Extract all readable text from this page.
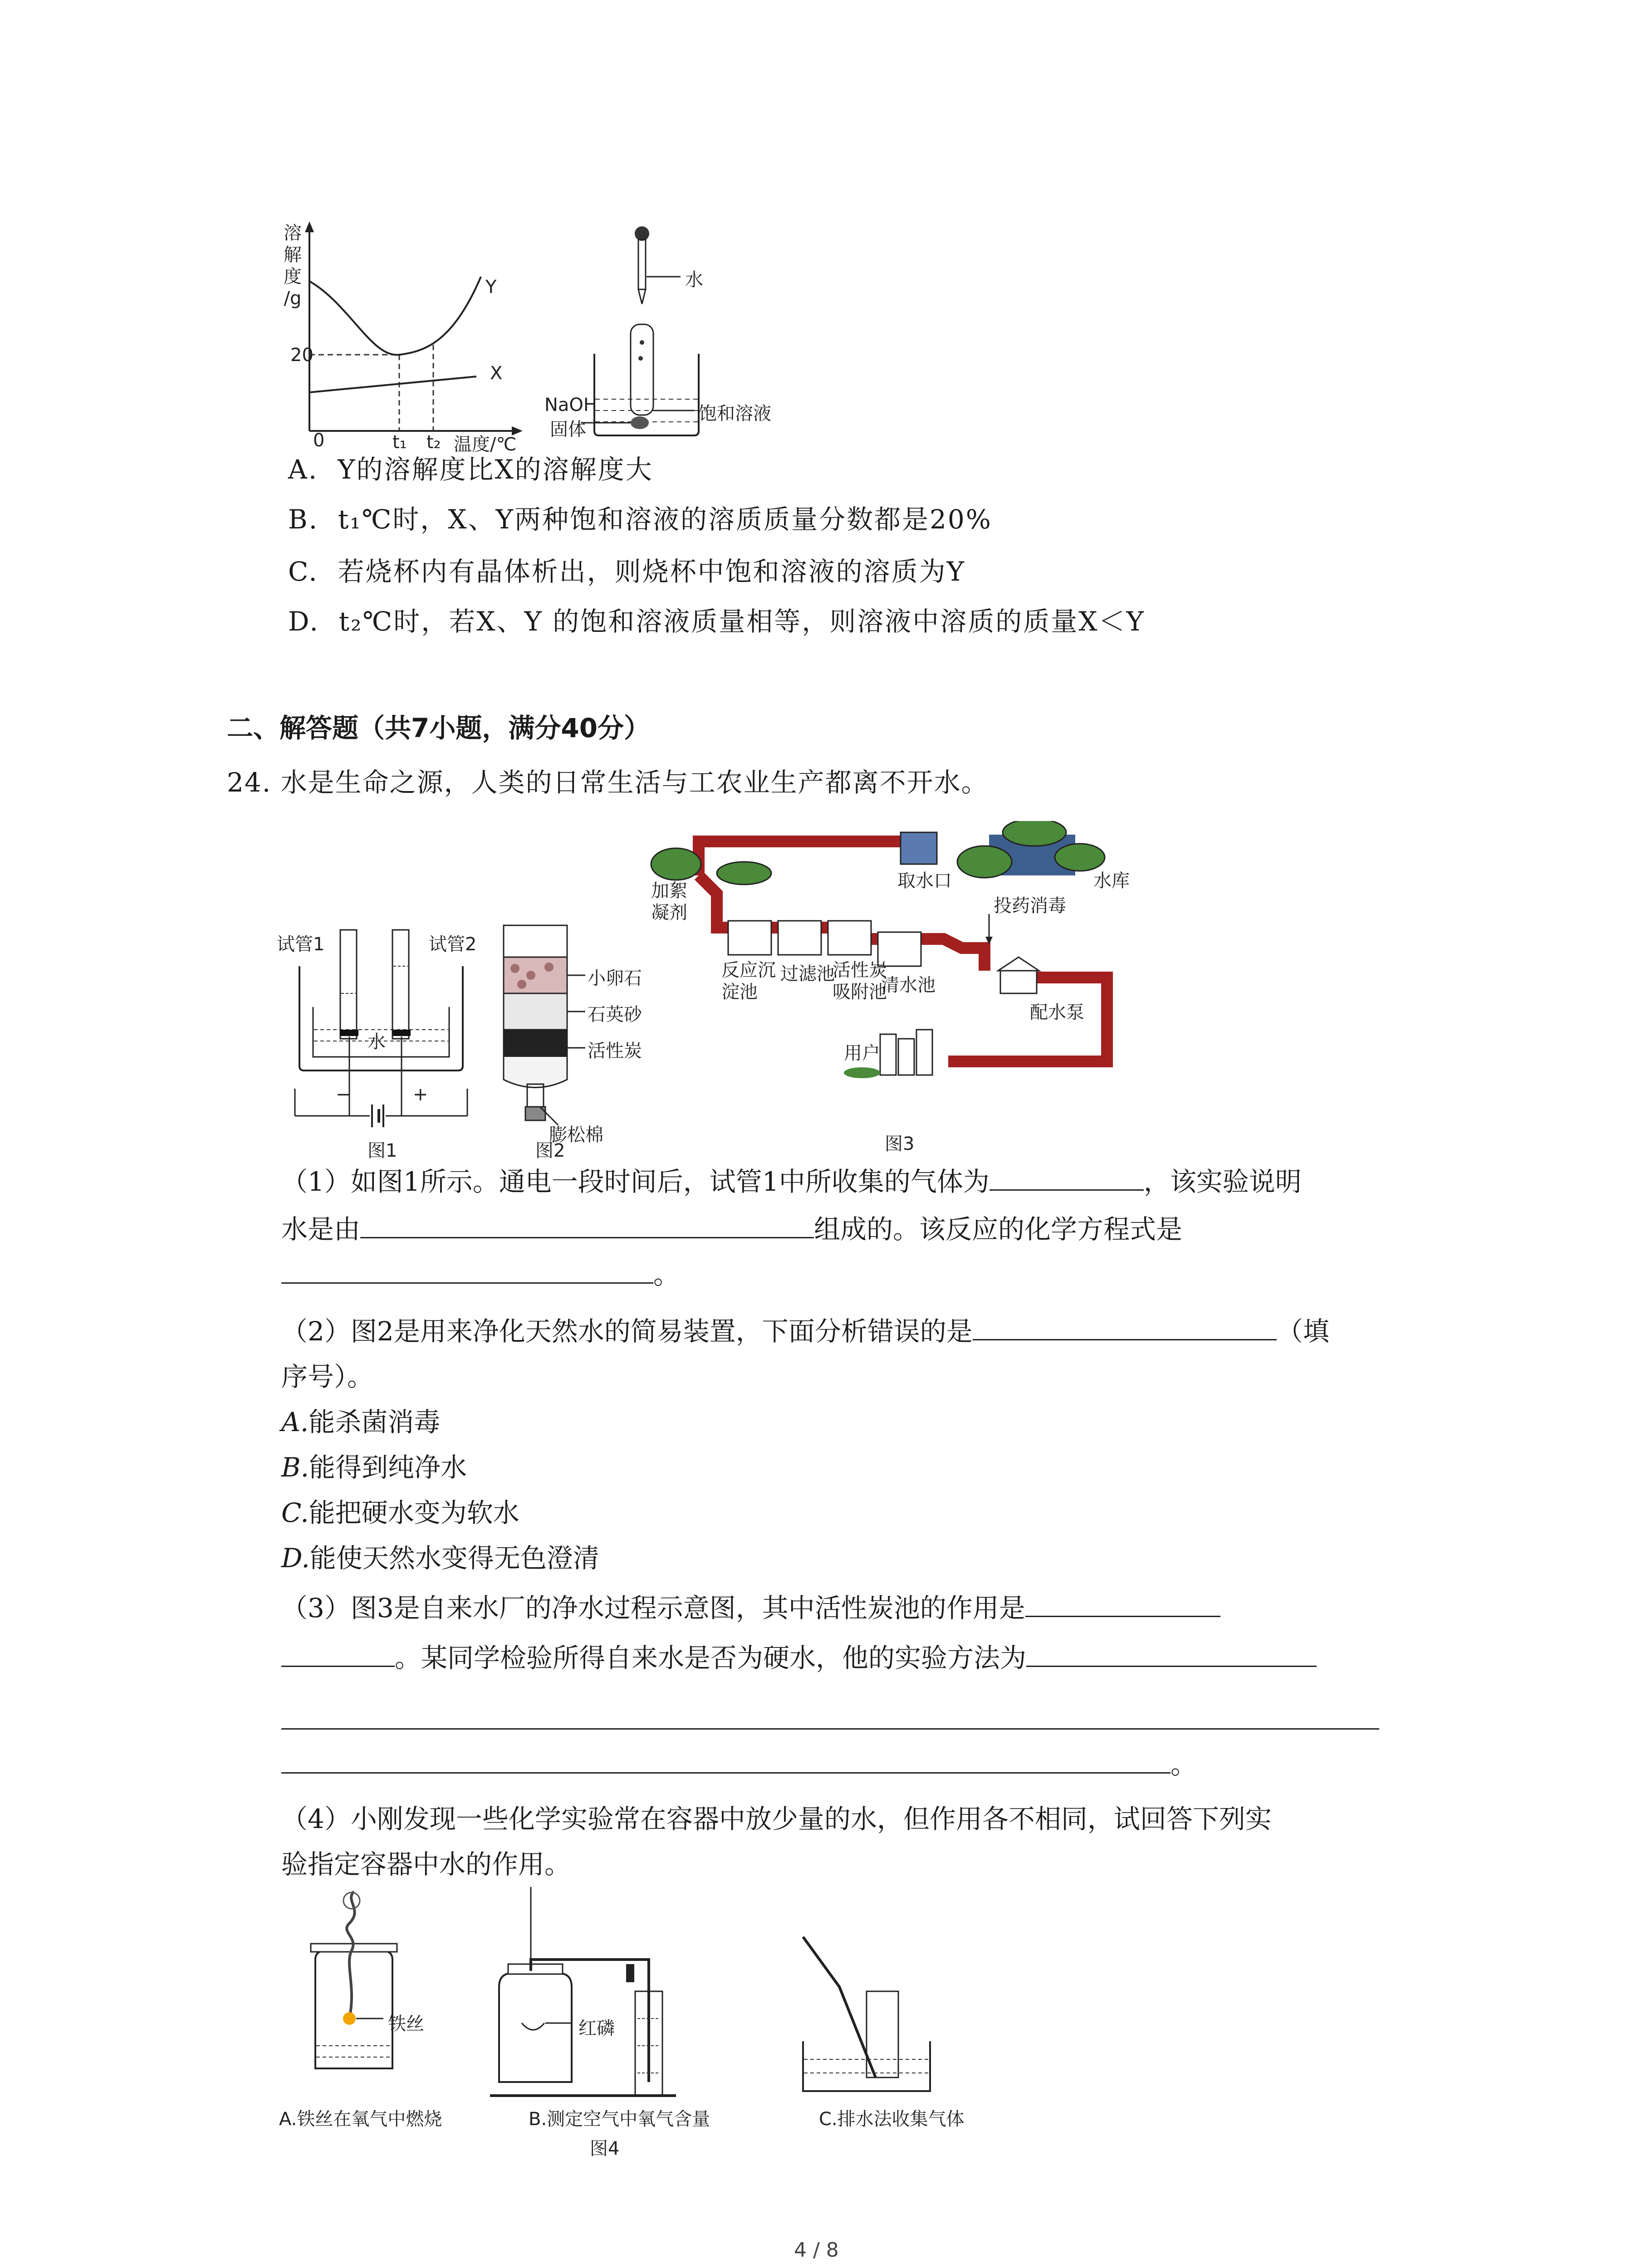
溶
解
度
/g
20
0	t₁ t₂ 温度/℃
Y
X
水
NaOH
固体
饱和溶液
A. Y的溶解度比X的溶解度大
B. t₁℃时，X、Y两种饱和溶液的溶质质量分数都是20%
C. 若烧杯内有晶体析出，则烧杯中饱和溶液的溶质为Y
D. t₂℃时，若X、Y 的饱和溶液质量相等，则溶液中溶质的质量X＜Y
二、解答题（共7小题，满分40分）
24. 水是生命之源，人类的日常生活与工农业生产都离不开水。
试管1	试管2
水
−	+
图1
小卵石
石英砂
活性炭
膨松棉
图2
取水口	水库
加絮
凝剂	投药消毒
反应沉
淀池
过滤池
活性炭
吸附池
清水池
配水泵
用户
图3
（1）如图1所示。通电一段时间后，试管1中所收集的气体为	，该实验说明
水是由	组成的。该反应的化学方程式是
。
（2）图2是用来净化天然水的简易装置，下面分析错误的是	（填
序号）。
A.能杀菌消毒
B.能得到纯净水
C.能把硬水变为软水
D.能使天然水变得无色澄清
（3）图3是自来水厂的净水过程示意图，其中活性炭池的作用是
。某同学检验所得自来水是否为硬水，他的实验方法为
。
（4）小刚发现一些化学实验常在容器中放少量的水，但作用各不相同，试回答下列实
验指定容器中水的作用。
铁丝	红磷
A.铁丝在氧气中燃烧	B.测定空气中氧气含量	C.排水法收集气体
图4
4 / 8
